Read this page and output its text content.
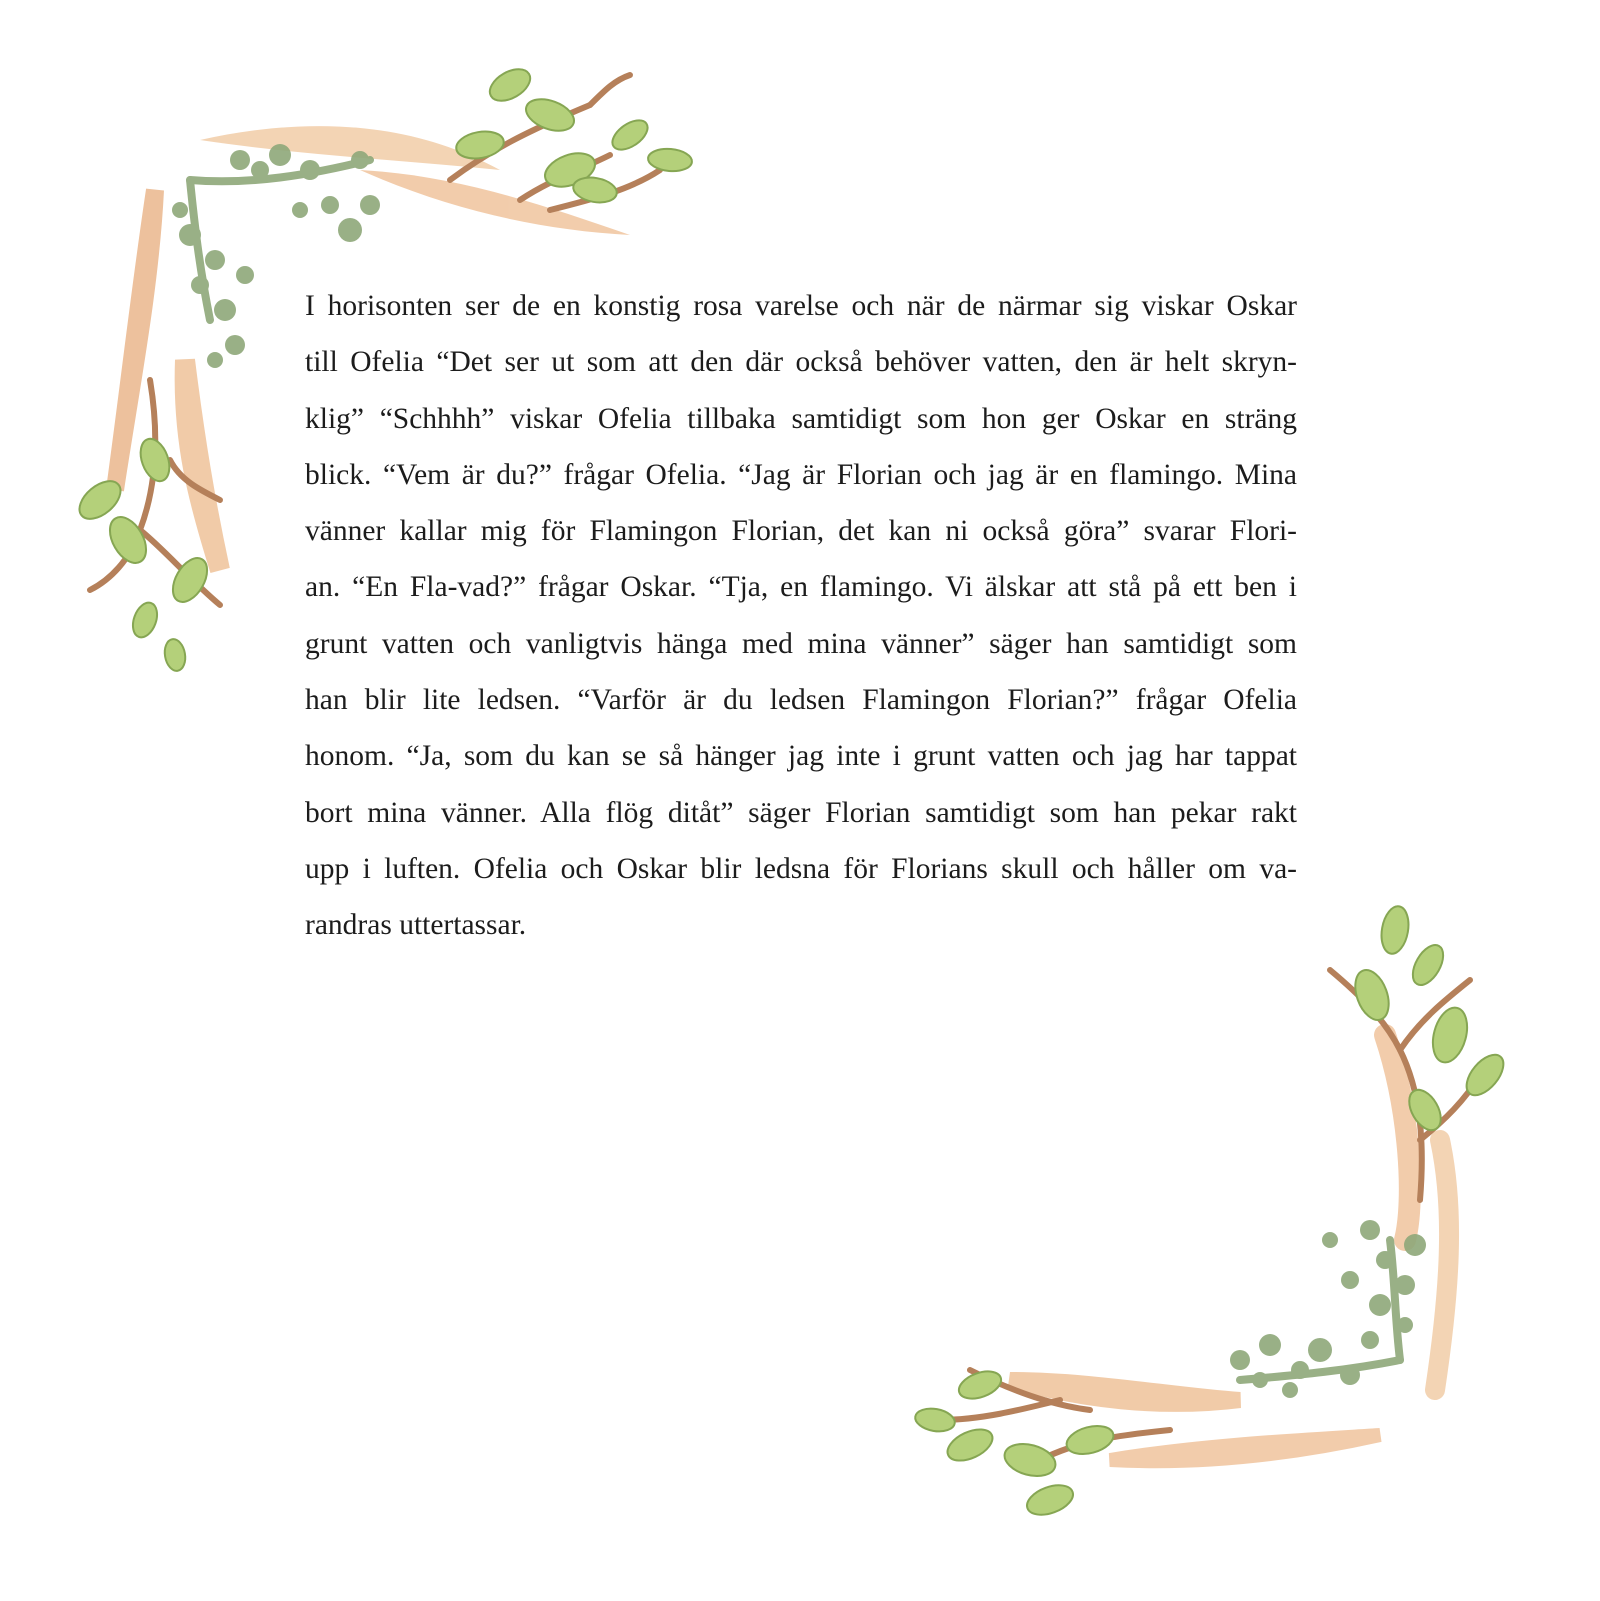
I horisonten ser de en konstig rosa varelse och när de närmar sig viskar Oskar
till Ofelia “Det ser ut som att den där också behöver vatten, den är helt skryn-
klig” “Schhhh” viskar Ofelia tillbaka samtidigt som hon ger Oskar en sträng
blick. “Vem är du?” frågar Ofelia. “Jag är Florian och jag är en flamingo. Mina
vänner kallar mig för Flamingon Florian, det kan ni också göra” svarar Flori-
an. “En Fla-vad?” frågar Oskar. “Tja, en flamingo. Vi älskar att stå på ett ben i
grunt vatten och vanligtvis hänga med mina vänner” säger han samtidigt som
han blir lite ledsen. “Varför är du ledsen Flamingon Florian?” frågar Ofelia
honom. “Ja, som du kan se så hänger jag inte i grunt vatten och jag har tappat
bort mina vänner. Alla flög ditåt” säger Florian samtidigt som han pekar rakt
upp i luften. Ofelia och Oskar blir ledsna för Florians skull och håller om va-
randras uttertassar.
